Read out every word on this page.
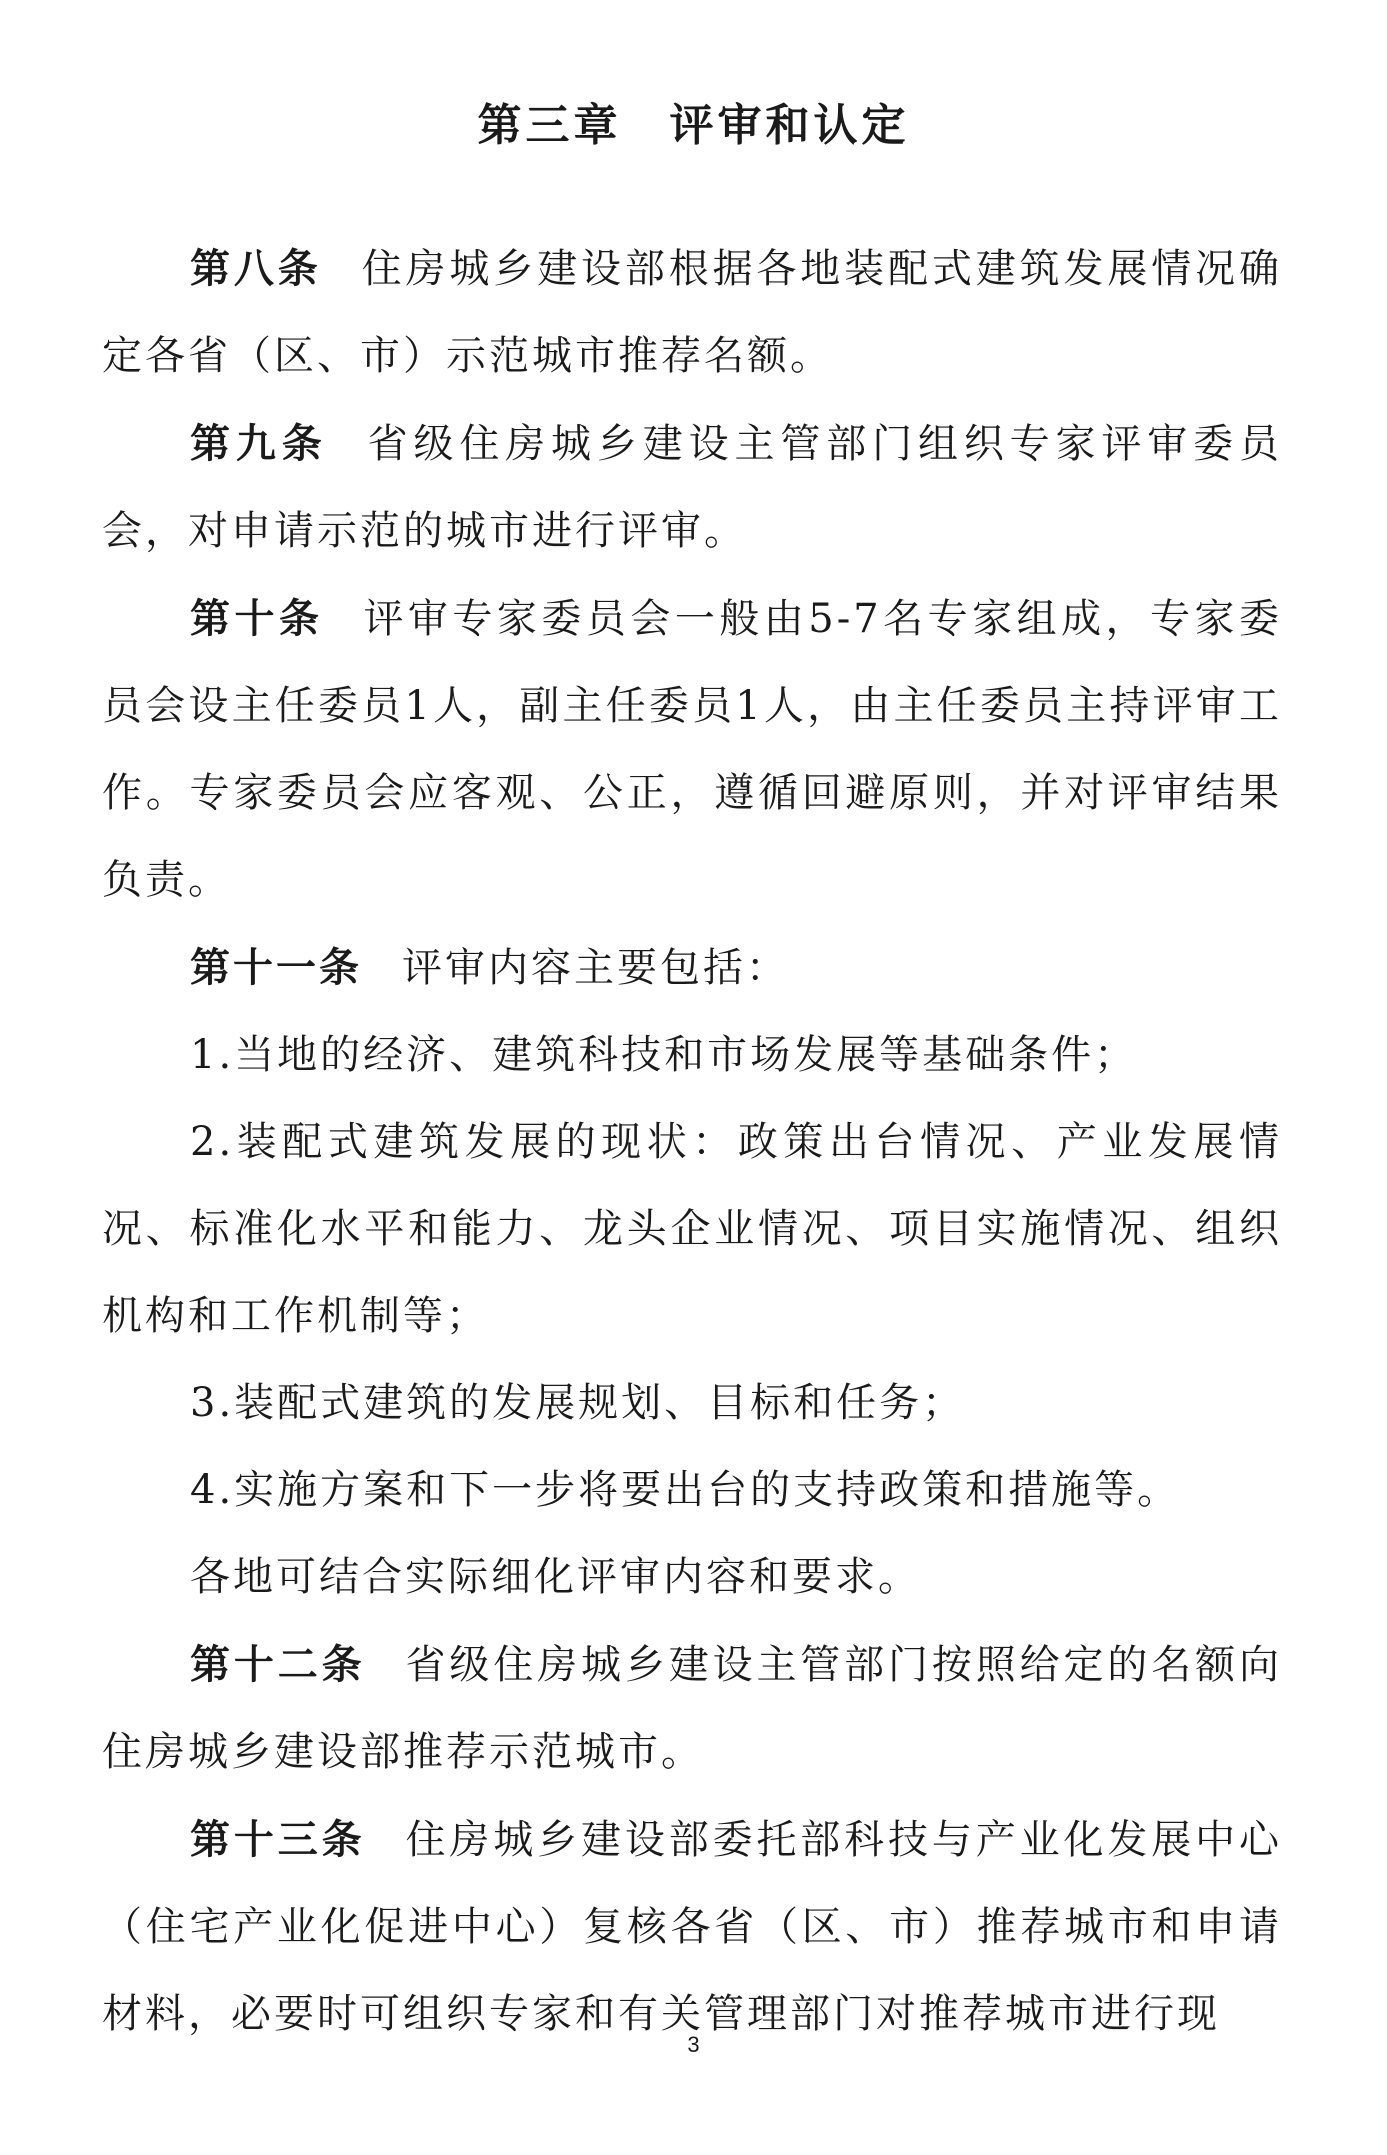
第三章　评审和认定

第八条 住房城乡建设部根据各地装配式建筑发展情况确定各省（区、市）示范城市推荐名额。

第九条 省级住房城乡建设主管部门组织专家评审委员会，对申请示范的城市进行评审。

第十条 评审专家委员会一般由5-7名专家组成，专家委员会设主任委员1人，副主任委员1人，由主任委员主持评审工作。专家委员会应客观、公正，遵循回避原则，并对评审结果负责。

第十一条 评审内容主要包括：

1.当地的经济、建筑科技和市场发展等基础条件；

2.装配式建筑发展的现状：政策出台情况、产业发展情况、标准化水平和能力、龙头企业情况、项目实施情况、组织机构和工作机制等；

3.装配式建筑的发展规划、目标和任务；

4.实施方案和下一步将要出台的支持政策和措施等。

各地可结合实际细化评审内容和要求。

第十二条 省级住房城乡建设主管部门按照给定的名额向住房城乡建设部推荐示范城市。

第十三条 住房城乡建设部委托部科技与产业化发展中心（住宅产业化促进中心）复核各省（区、市）推荐城市和申请材料，必要时可组织专家和有关管理部门对推荐城市进行现

3
